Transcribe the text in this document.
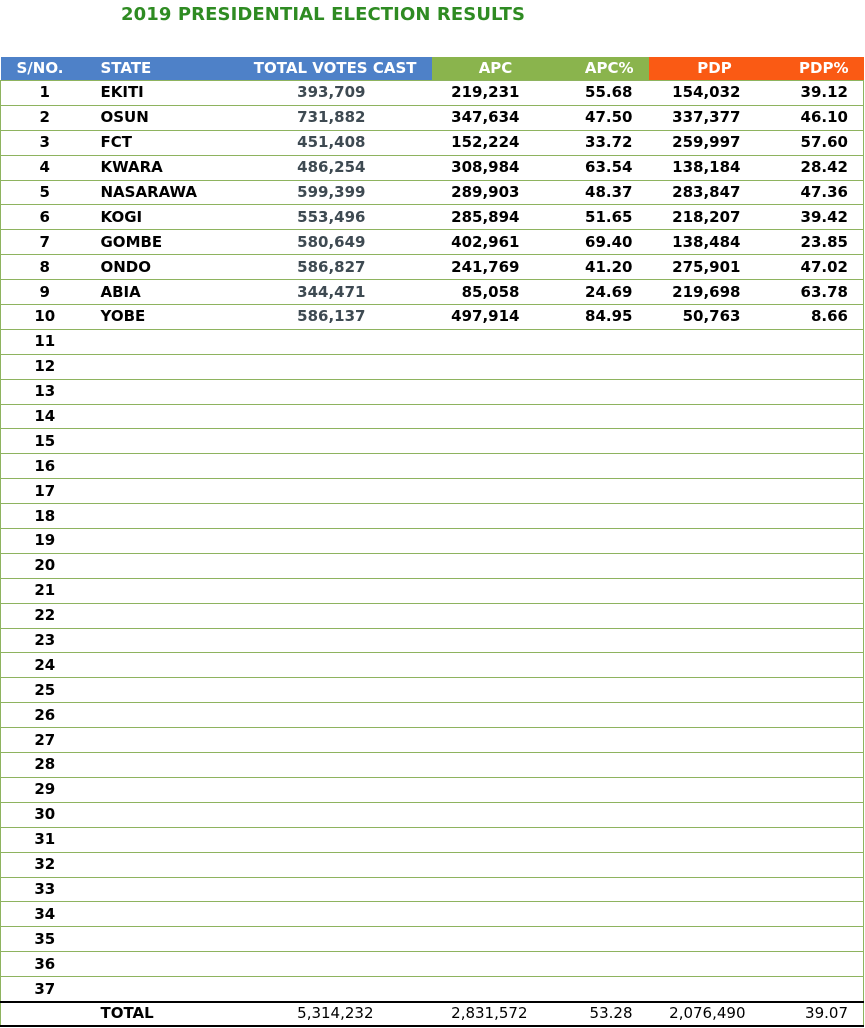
2019 PRESIDENTIAL ELECTION RESULTS
S/NO.	STATE	TOTAL VOTES CAST	APC	APC%	PDP	PDP%
1	EKITI	393,709	219,231	55.68	154,032	39.12
2	OSUN	731,882	347,634	47.50	337,377	46.10
3	FCT	451,408	152,224	33.72	259,997	57.60
4	KWARA	486,254	308,984	63.54	138,184	28.42
5	NASARAWA	599,399	289,903	48.37	283,847	47.36
6	KOGI	553,496	285,894	51.65	218,207	39.42
7	GOMBE	580,649	402,961	69.40	138,484	23.85
8	ONDO	586,827	241,769	41.20	275,901	47.02
9	ABIA	344,471	85,058	24.69	219,698	63.78
10	YOBE	586,137	497,914	84.95	50,763	8.66
11						
12						
13						
14						
15						
16						
17						
18						
19						
20						
21						
22						
23						
24						
25						
26						
27						
28						
29						
30						
31						
32						
33						
34						
35						
36						
37						
	TOTAL	5,314,232	2,831,572	53.28	2,076,490	39.07
